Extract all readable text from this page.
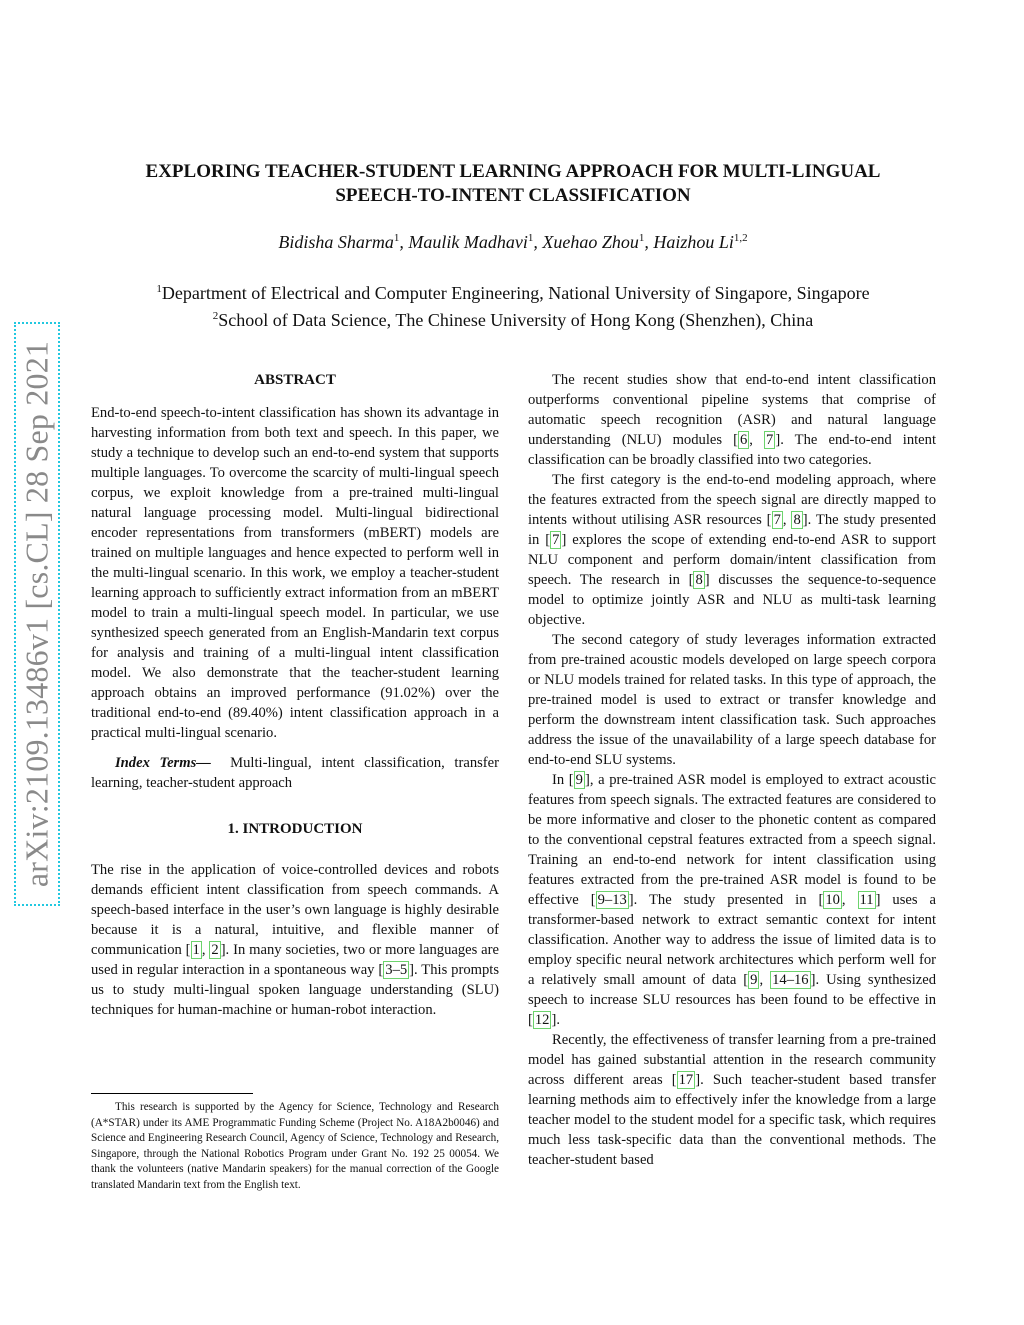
arXiv:2109.13486v1 [cs.CL] 28 Sep 2021
EXPLORING TEACHER-STUDENT LEARNING APPROACH FOR MULTI-LINGUAL
SPEECH-TO-INTENT CLASSIFICATION
Bidisha Sharma$^1$, Maulik Madhavi$^1$, Xuehao Zhou$^1$, Haizhou Li$^{1,2}$
$^1$Department of Electrical and Computer Engineering, National University of Singapore, Singapore
$^2$School of Data Science, The Chinese University of Hong Kong (Shenzhen), China

ABSTRACT

End-to-end speech-to-intent classification has shown its advantage in harvesting information from both text and speech. In this paper, we study a technique to develop such an end-to-end system that supports multiple languages. To overcome the scarcity of multi-lingual speech corpus, we exploit knowledge from a pre-trained multi-lingual natural language processing model. Multi-lingual bidirectional encoder representations from transformers (mBERT) models are trained on multiple languages and hence expected to perform well in the multi-lingual scenario. In this work, we employ a teacher-student learning approach to sufficiently extract information from an mBERT model to train a multi-lingual speech model. In particular, we use synthesized speech generated from an English-Mandarin text corpus for analysis and training of a multi-lingual intent classification model. We also demonstrate that the teacher-student learning approach obtains an improved performance (91.02%) over the traditional end-to-end (89.40%) intent classification approach in a practical multi-lingual scenario.

Index Terms— Multi-lingual, intent classification, transfer learning, teacher-student approach

1. INTRODUCTION

The rise in the application of voice-controlled devices and robots demands efficient intent classification from speech commands. A speech-based interface in the user’s own language is highly desirable because it is a natural, intuitive, and flexible manner of communication [ 1 , 2 ]. In many societies, two or more languages are used in regular interaction in a spontaneous way [ 3–5 ]. This prompts us to study multi-lingual spoken language understanding (SLU) techniques for human-machine or human-robot interaction.

This research is supported by the Agency for Science, Technology and Research (A*STAR) under its AME Programmatic Funding Scheme (Project No. A18A2b0046) and Science and Engineering Research Council, Agency of Science, Technology and Research, Singapore, through the National Robotics Program under Grant No. 192 25 00054. We thank the volunteers (native Mandarin speakers) for the manual correction of the Google translated Mandarin text from the English text.

The recent studies show that end-to-end intent classification outperforms conventional pipeline systems that comprise of automatic speech recognition (ASR) and natural language understanding (NLU) modules [ 6 , 7 ]. The end-to-end intent classification can be broadly classified into two categories.

The first category is the end-to-end modeling approach, where the features extracted from the speech signal are directly mapped to intents without utilising ASR resources [ 7 , 8 ]. The study presented in [ 7 ] explores the scope of extending end-to-end ASR to support NLU component and perform domain/intent classification from speech. The research in [ 8 ] discusses the sequence-to-sequence model to optimize jointly ASR and NLU as multi-task learning objective.

The second category of study leverages information extracted from pre-trained acoustic models developed on large speech corpora or NLU models trained for related tasks. In this type of approach, the pre-trained model is used to extract or transfer knowledge and perform the downstream intent classification task. Such approaches address the issue of the unavailability of a large speech database for end-to-end SLU systems.

In [ 9 ], a pre-trained ASR model is employed to extract acoustic features from speech signals. The extracted features are considered to be more informative and closer to the phonetic content as compared to the conventional cepstral features extracted from a speech signal. Training an end-to-end network for intent classification using features extracted from the pre-trained ASR model is found to be effective [ 9–13 ]. The study presented in [ 10 , 11 ] uses a transformer-based network to extract semantic context for intent classification. Another way to address the issue of limited data is to employ specific neural network architectures which perform well for a relatively small amount of data [ 9 , 14–16 ]. Using synthesized speech to increase SLU resources has been found to be effective in [ 12 ].

Recently, the effectiveness of transfer learning from a pre-trained model has gained substantial attention in the research community across different areas [ 17 ]. Such teacher-student based transfer learning methods aim to effectively infer the knowledge from a large teacher model to the student model for a specific task, which requires much less task-specific data than the conventional methods. The teacher-student based
